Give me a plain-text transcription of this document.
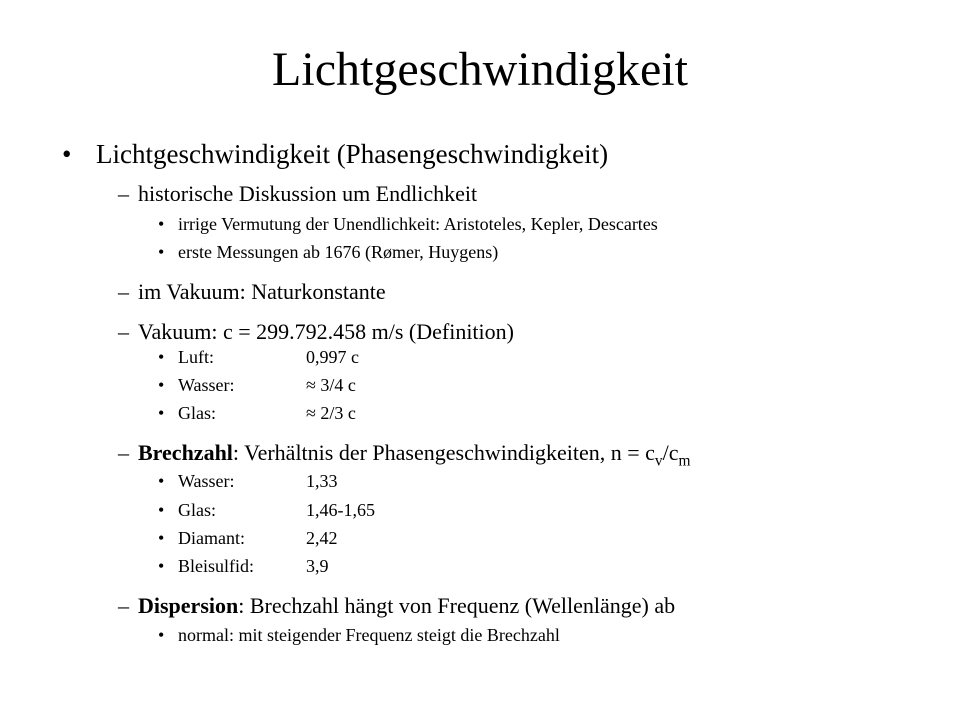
Lichtgeschwindigkeit
• Lichtgeschwindigkeit (Phasengeschwindigkeit)
– historische Diskussion um Endlichkeit
• irrige Vermutung der Unendlichkeit: Aristoteles, Kepler, Descartes
• erste Messungen ab 1676 (Rømer, Huygens)
– im Vakuum: Naturkonstante
– Vakuum: c = 299.792.458 m/s (Definition)
• Luft:	0,997 c
• Wasser:	≈ 3/4 c
• Glas:	≈ 2/3 c
– Brechzahl: Verhältnis der Phasengeschwindigkeiten, $n = c_v/c_m$
• Wasser:	1,33
• Glas:	1,46-1,65
• Diamant:	2,42
• Bleisulfid:	3,9
– Dispersion: Brechzahl hängt von Frequenz (Wellenlänge) ab
• normal: mit steigender Frequenz steigt die Brechzahl
